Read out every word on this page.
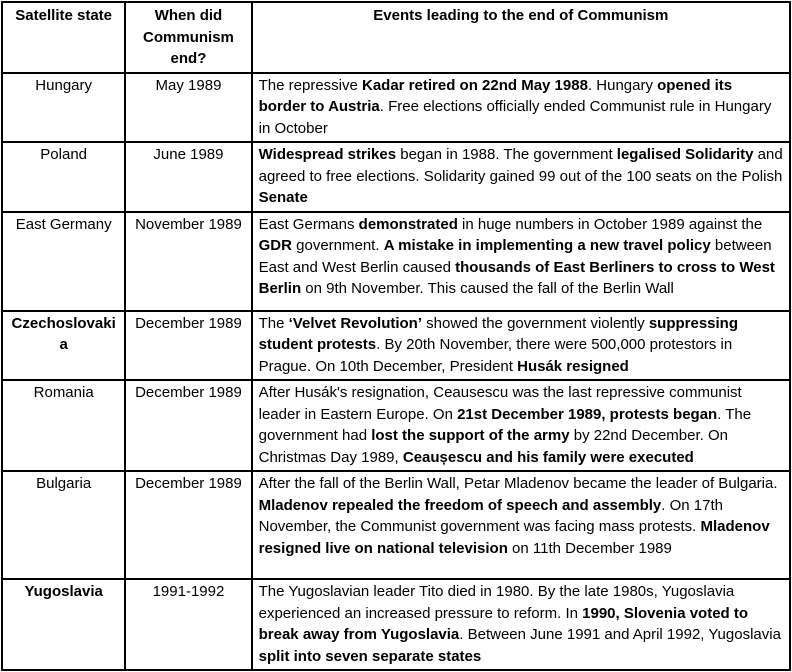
Satellite state	When did Communism end?	Events leading to the end of Communism
Hungary	May 1989	The repressive Kadar retired on 22nd May 1988. Hungary opened its border to Austria. Free elections officially ended Communist rule in Hungary in October
Poland	June 1989	Widespread strikes began in 1988. The government legalised Solidarity and agreed to free elections. Solidarity gained 99 out of the 100 seats on the Polish Senate
East Germany	November 1989	East Germans demonstrated in huge numbers in October 1989 against the GDR government. A mistake in implementing a new travel policy between East and West Berlin caused thousands of East Berliners to cross to West Berlin on 9th November. This caused the fall of the Berlin Wall
Czechoslovakia	December 1989	The ‘Velvet Revolution’ showed the government violently suppressing student protests. By 20th November, there were 500,000 protestors in Prague. On 10th December, President Husák resigned
Romania	December 1989	After Husák's resignation, Ceausescu was the last repressive communist leader in Eastern Europe. On 21st December 1989, protests began. The government had lost the support of the army by 22nd December. On Christmas Day 1989, Ceaușescu and his family were executed
Bulgaria	December 1989	After the fall of the Berlin Wall, Petar Mladenov became the leader of Bulgaria. Mladenov repealed the freedom of speech and assembly. On 17th November, the Communist government was facing mass protests. Mladenov resigned live on national television on 11th December 1989
Yugoslavia	1991-1992	The Yugoslavian leader Tito died in 1980. By the late 1980s, Yugoslavia experienced an increased pressure to reform. In 1990, Slovenia voted to break away from Yugoslavia. Between June 1991 and April 1992, Yugoslavia split into seven separate states
